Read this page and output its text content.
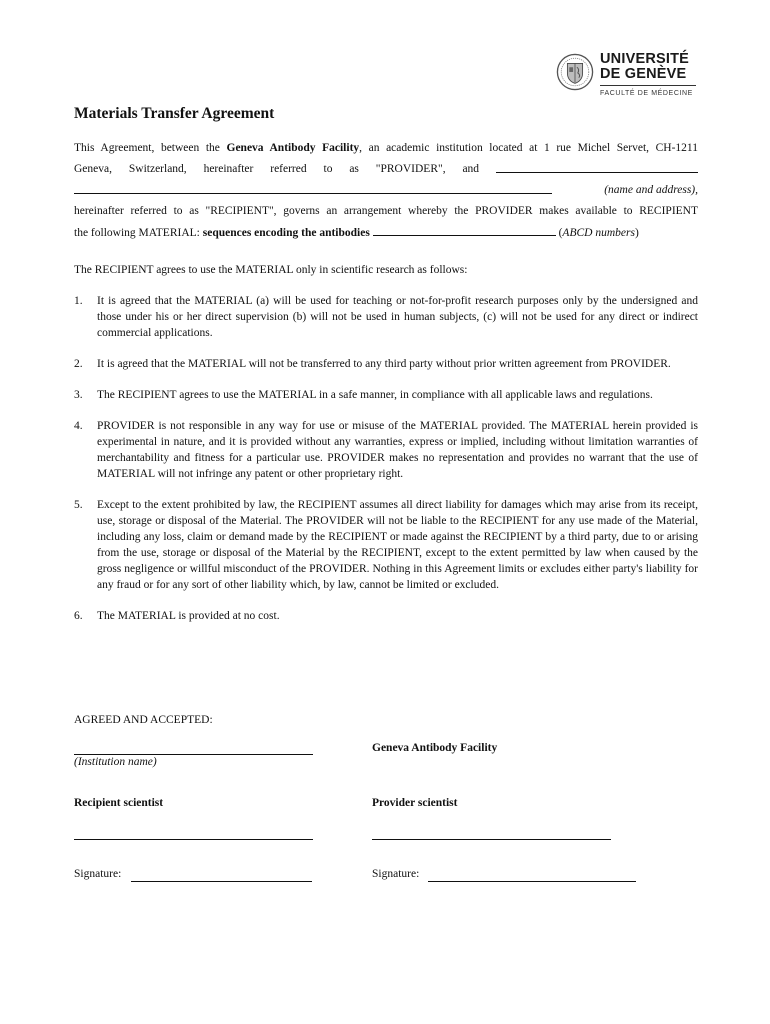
UNIVERSITÉ
DE GENÈVE
FACULTÉ DE MÉDECINE
Materials Transfer Agreement

This Agreement, between the Geneva Antibody Facility, an academic institution located at 1 rue Michel Servet, CH-1211

Geneva, Switzerland, hereinafter referred to as "PROVIDER", and

(name and address),

hereinafter referred to as "RECIPIENT", governs an arrangement whereby the PROVIDER makes available to RECIPIENT

the following MATERIAL: sequences encoding the antibodies	(ABCD numbers)

The RECIPIENT agrees to use the MATERIAL only in scientific research as follows:
1. It is agreed that the MATERIAL (a) will be used for teaching or not-for-profit research purposes only by the undersigned and those under his or her direct supervision (b) will not be used in human subjects, (c) will not be used for any direct or indirect commercial applications.
2. It is agreed that the MATERIAL will not be transferred to any third party without prior written agreement from PROVIDER.
3. The RECIPIENT agrees to use the MATERIAL in a safe manner, in compliance with all applicable laws and regulations.
4. PROVIDER is not responsible in any way for use or misuse of the MATERIAL provided. The MATERIAL herein provided is experimental in nature, and it is provided without any warranties, express or implied, including without limitation warranties of merchantability and fitness for a particular use. PROVIDER makes no representation and provides no warrant that the use of MATERIAL will not infringe any patent or other proprietary right.
5. Except to the extent prohibited by law, the RECIPIENT assumes all direct liability for damages which may arise from its receipt, use, storage or disposal of the Material. The PROVIDER will not be liable to the RECIPIENT for any use made of the Material, including any loss, claim or demand made by the RECIPIENT or made against the RECIPIENT by a third party, due to or arising from the use, storage or disposal of the Material by the RECIPIENT, except to the extent permitted by law when caused by the gross negligence or willful misconduct of the PROVIDER. Nothing in this Agreement limits or excludes either party's liability for any fraud or for any sort of other liability which, by law, cannot be limited or excluded.
6. The MATERIAL is provided at no cost.
AGREED AND ACCEPTED:
(Institution name)
Geneva Antibody Facility
Recipient scientist	Provider scientist
Signature:	Signature:
